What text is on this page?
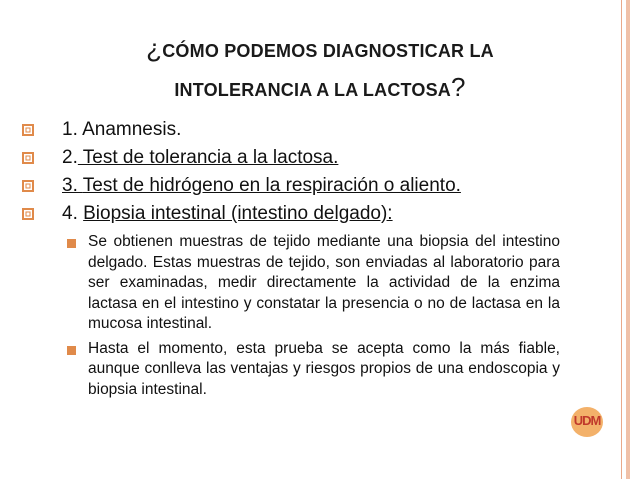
¿CÓMO PODEMOS DIAGNOSTICAR LA
INTOLERANCIA A LA LACTOSA?
1. Anamnesis.
2. Test de tolerancia a la lactosa.
3. Test de hidrógeno en la respiración o aliento.
4. Biopsia intestinal (intestino delgado):
Se obtienen muestras de tejido mediante una biopsia del intestino delgado. Estas muestras de tejido, son enviadas al laboratorio para ser examinadas, medir directamente la actividad de la enzima lactasa en el intestino y constatar la presencia o no de lactasa en la mucosa intestinal.
Hasta el momento, esta prueba se acepta como la más fiable, aunque conlleva las ventajas y riesgos propios de una endoscopia y biopsia intestinal.
UDM
